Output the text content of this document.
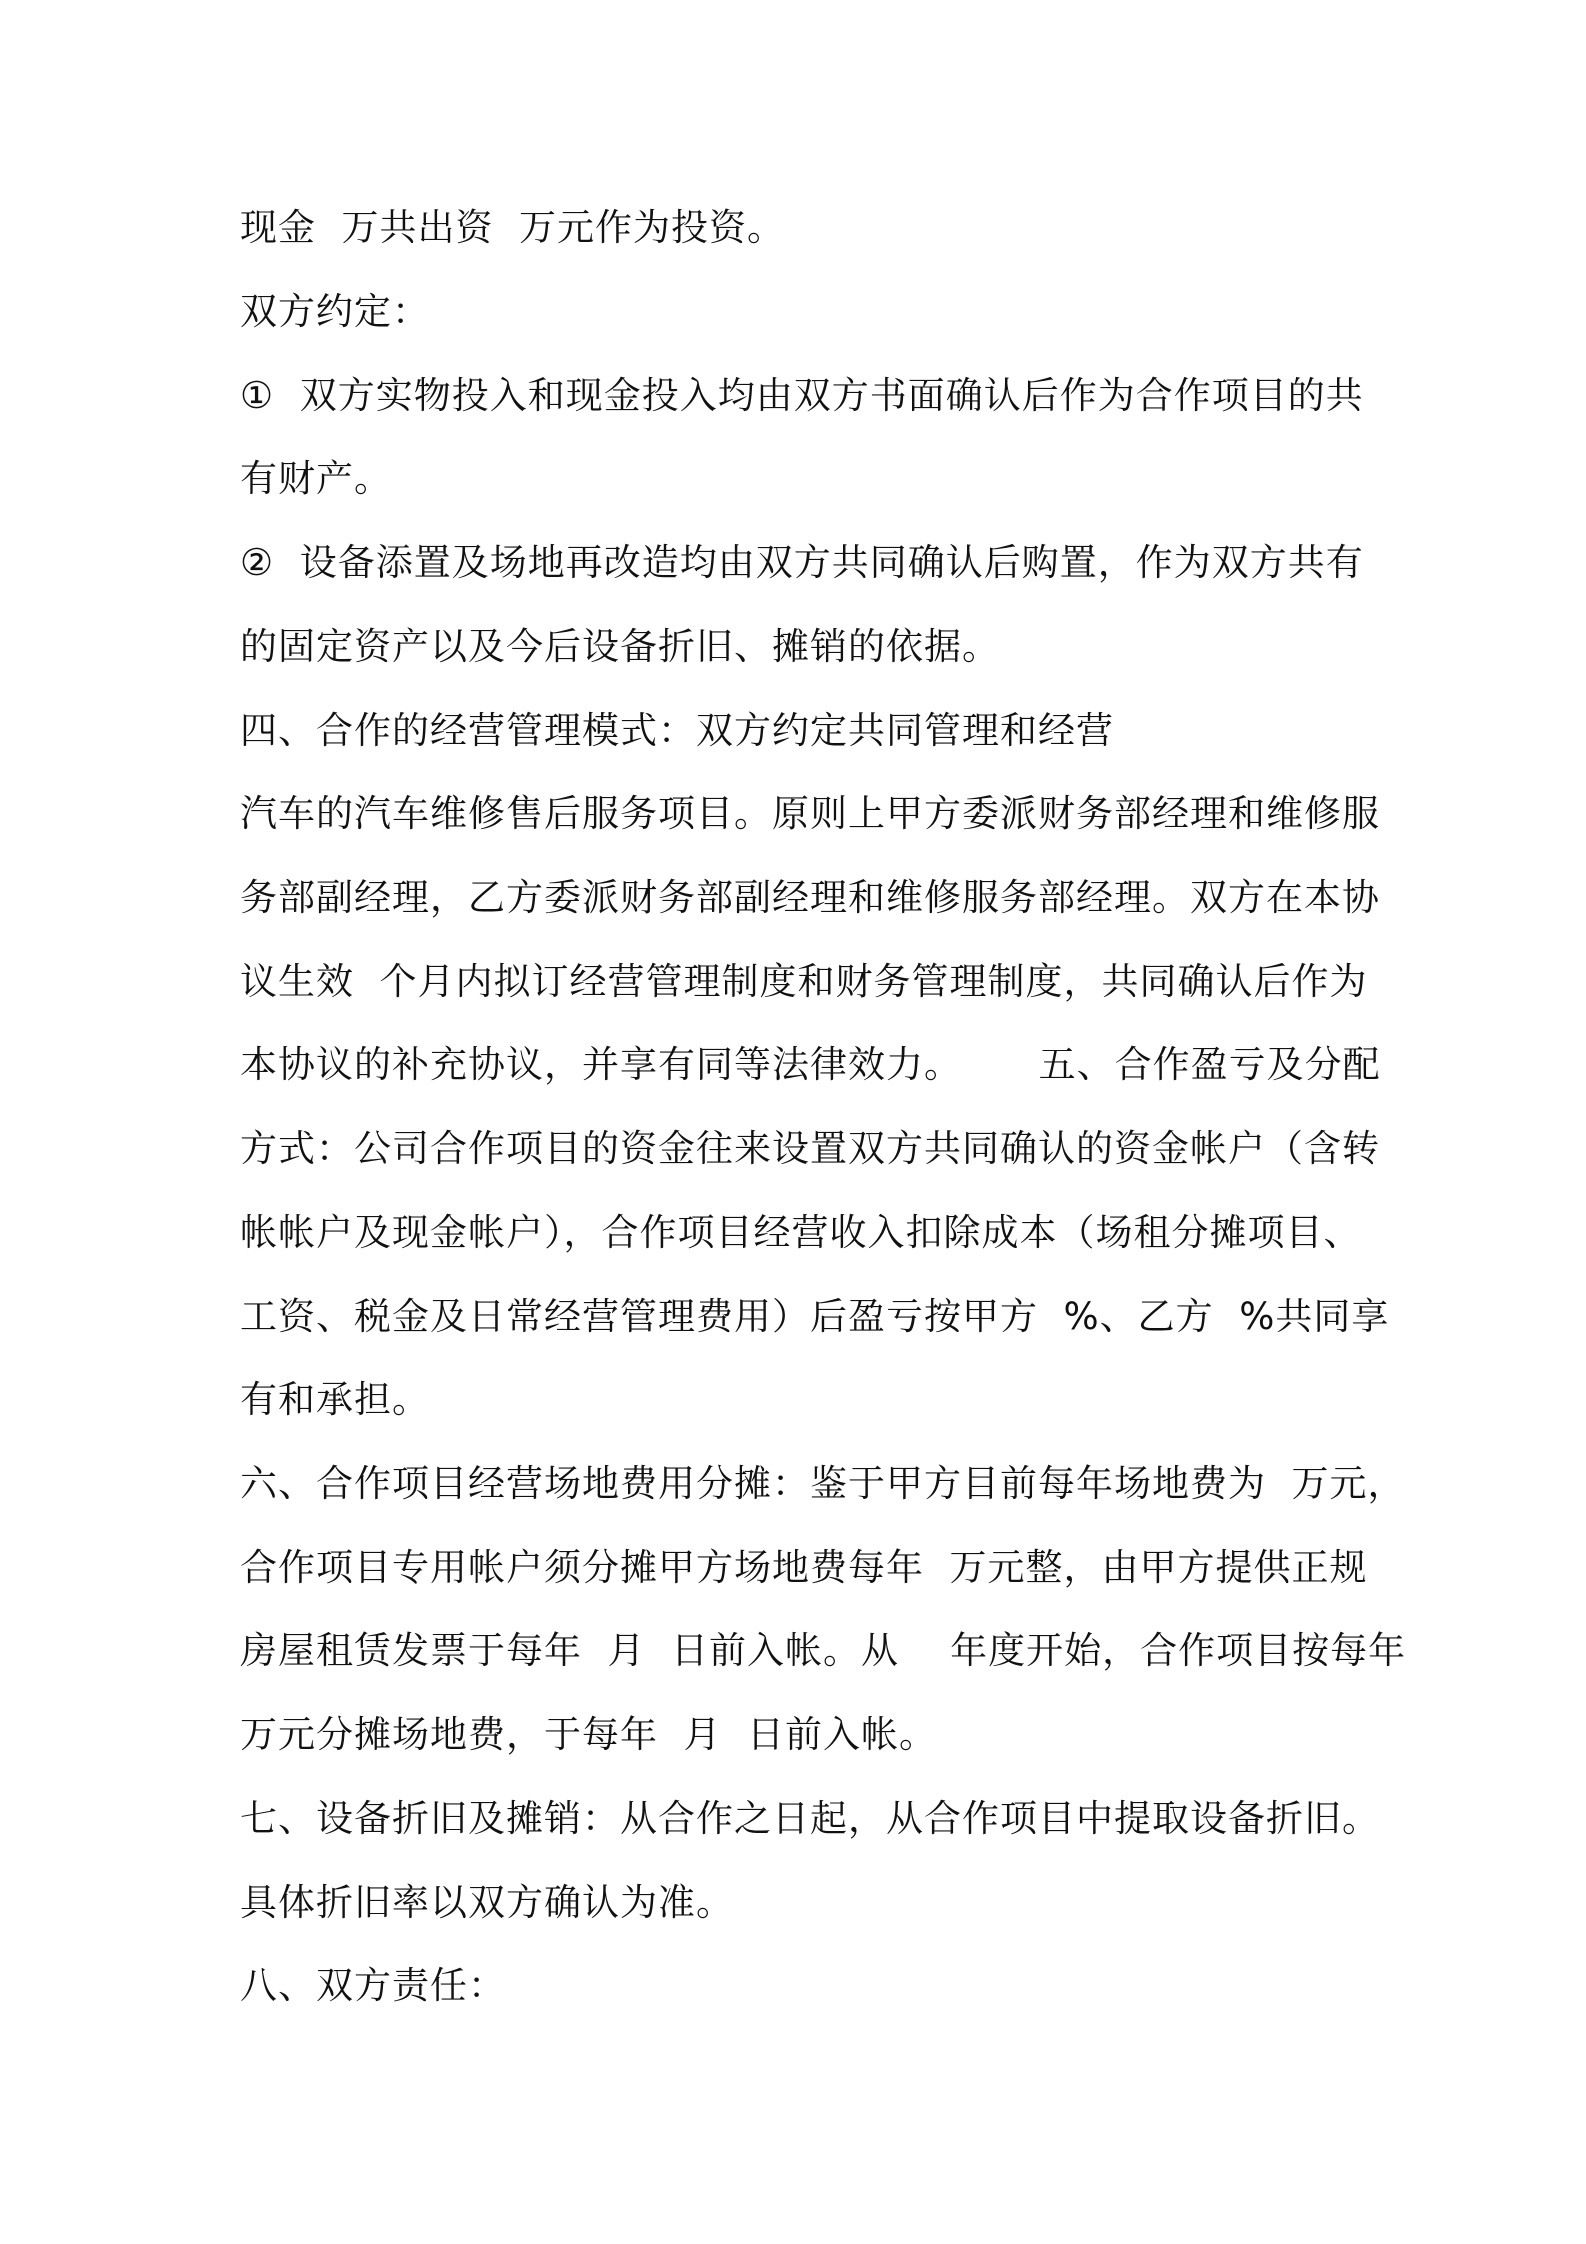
现金  万共出资  万元作为投资。
双方约定：
①  双方实物投入和现金投入均由双方书面确认后作为合作项目的共
有财产。
②  设备添置及场地再改造均由双方共同确认后购置，作为双方共有
的固定资产以及今后设备折旧、摊销的依据。
四、合作的经营管理模式：双方约定共同管理和经营
汽车的汽车维修售后服务项目。原则上甲方委派财务部经理和维修服
务部副经理，乙方委派财务部副经理和维修服务部经理。双方在本协
议生效  个月内拟订经营管理制度和财务管理制度，共同确认后作为
本协议的补充协议，并享有同等法律效力。      五、合作盈亏及分配
方式：公司合作项目的资金往来设置双方共同确认的资金帐户（含转
帐帐户及现金帐户），合作项目经营收入扣除成本（场租分摊项目、
工资、税金及日常经营管理费用）后盈亏按甲方  %、乙方  %共同享
有和承担。
六、合作项目经营场地费用分摊：鉴于甲方目前每年场地费为  万元，
合作项目专用帐户须分摊甲方场地费每年  万元整，由甲方提供正规
房屋租赁发票于每年  月  日前入帐。从    年度开始，合作项目按每年
万元分摊场地费，于每年  月  日前入帐。
七、设备折旧及摊销：从合作之日起，从合作项目中提取设备折旧。
具体折旧率以双方确认为准。
八、双方责任：
